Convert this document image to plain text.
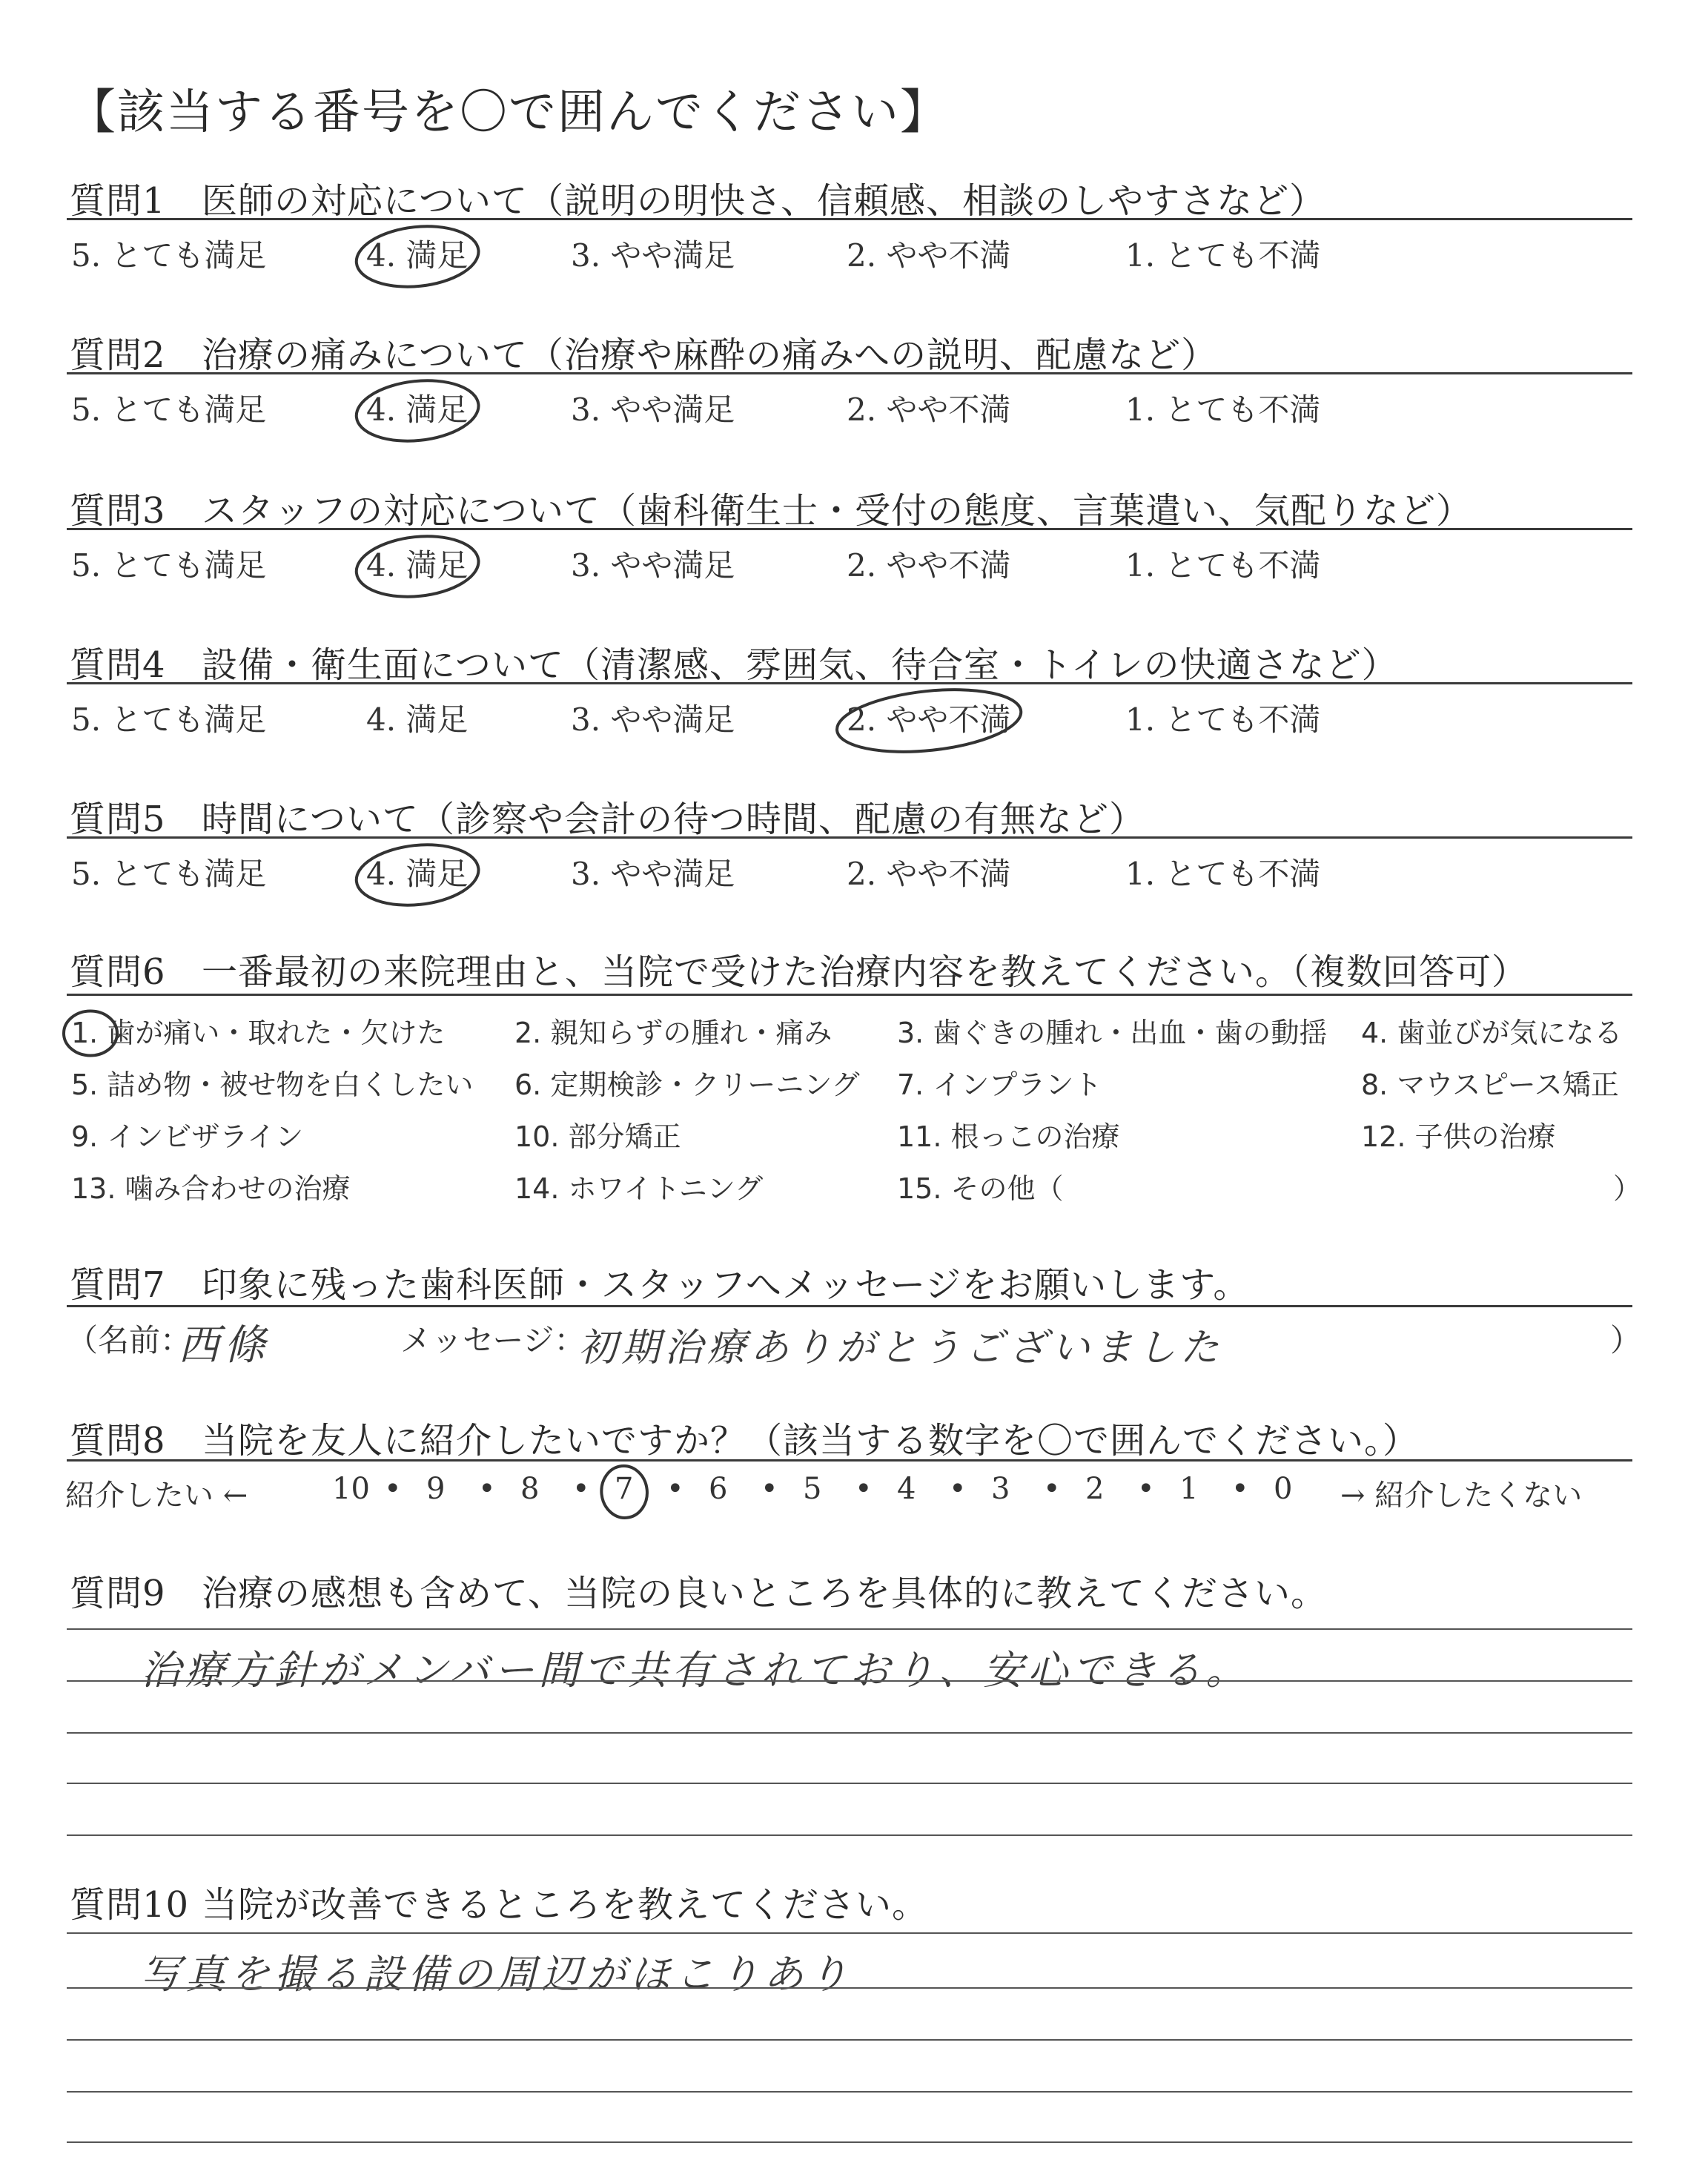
【該当する番号を〇で囲んでください】
質問1 医師の対応について（説明の明快さ、信頼感、相談のしやすさなど）
5. とても満足	4. 満足	3. やや満足	2. やや不満	1. とても不満
質問2 治療の痛みについて（治療や麻酔の痛みへの説明、配慮など）
5. とても満足	4. 満足	3. やや満足	2. やや不満	1. とても不満
質問3 スタッフの対応について（歯科衛生士・受付の態度、言葉遣い、気配りなど）
5. とても満足	4. 満足	3. やや満足	2. やや不満	1. とても不満
質問4 設備・衛生面について（清潔感、雰囲気、待合室・トイレの快適さなど）
5. とても満足	4. 満足	3. やや満足	2. やや不満	1. とても不満
質問5 時間について（診察や会計の待つ時間、配慮の有無など）
5. とても満足	4. 満足	3. やや満足	2. やや不満	1. とても不満
質問6 一番最初の来院理由と、当院で受けた治療内容を教えてください。（複数回答可）
1. 歯が痛い・取れた・欠けた 2. 親知らずの腫れ・痛み 3. 歯ぐきの腫れ・出血・歯の動揺 4. 歯並びが気になる
5. 詰め物・被せ物を白くしたい 6. 定期検診・クリーニング 7. インプラント	8. マウスピース矯正
9. インビザライン	10. 部分矯正	11. 根っこの治療	12. 子供の治療
13. 噛み合わせの治療	14. ホワイトニング	15. その他（	）
質問7 印象に残った歯科医師・スタッフへメッセージをお願いします。
（名前：
西條	メッセージ：
初期治療ありがとうございました	）
質問8 当院を友人に紹介したいですか？（該当する数字を〇で囲んでください。）
紹介したい ←	10 • 9 • 8 • 7 • 6 • 5 • 4 • 3 • 2 • 1 • 0 → 紹介したくない
質問9 治療の感想も含めて、当院の良いところを具体的に教えてください。
治療方針がメンバー間で共有されており、安心できる。
質問10 当院が改善できるところを教えてください。
写真を撮る設備の周辺がほこりあり
